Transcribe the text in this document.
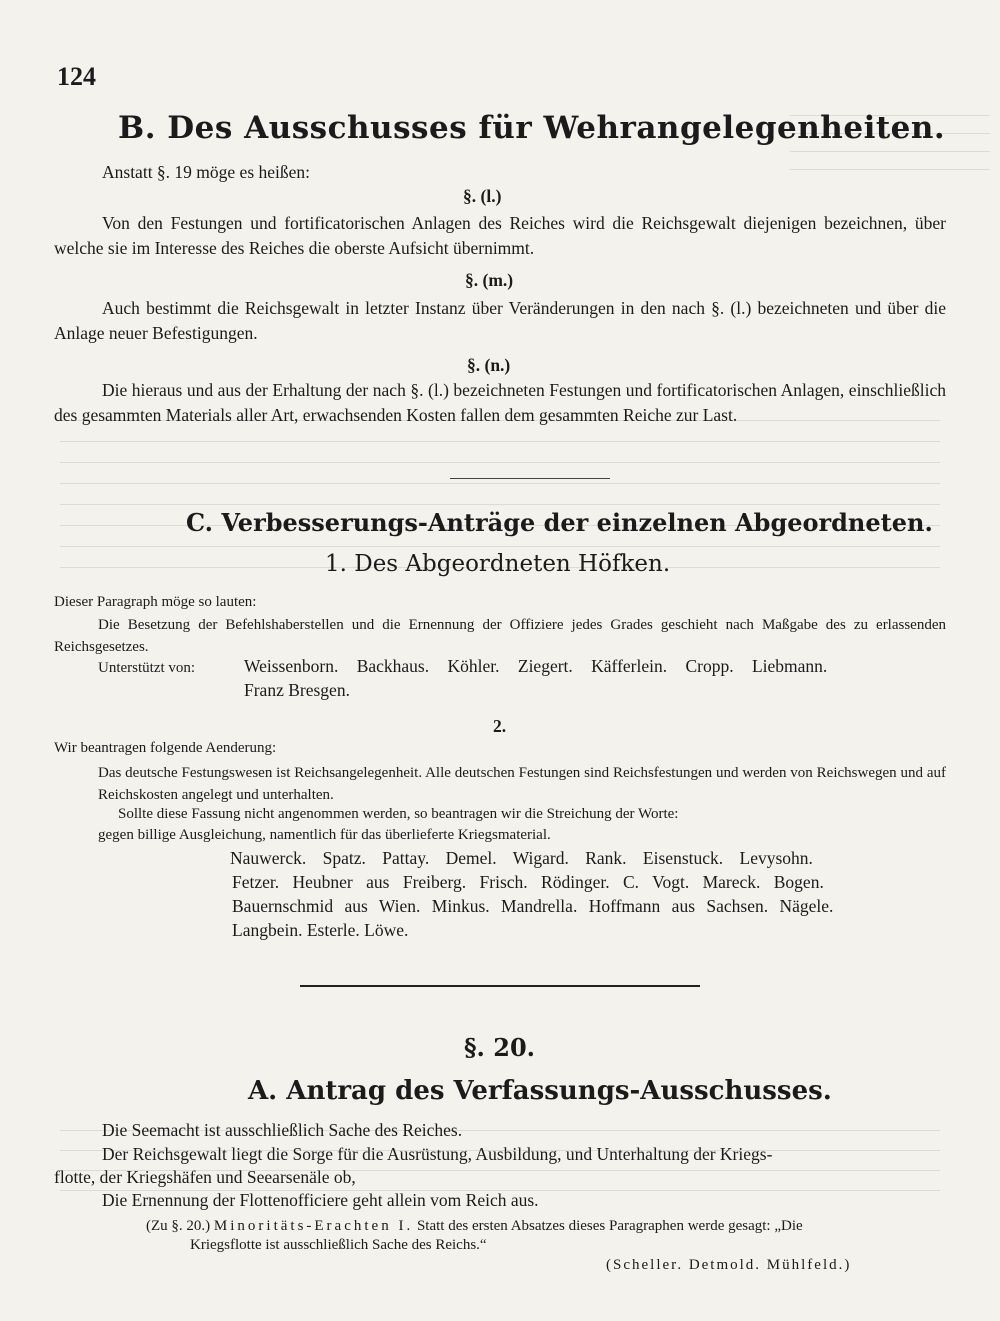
124
B. Des Ausschusses für Wehrangelegenheiten.
Anstatt §. 19 möge es heißen:
§. (l.)
Von den Festungen und fortificatorischen Anlagen des Reiches wird die Reichsgewalt diejenigen bezeichnen, über welche sie im Interesse des Reiches die oberste Aufsicht übernimmt.
§. (m.)
Auch bestimmt die Reichsgewalt in letzter Instanz über Veränderungen in den nach §. (l.) bezeichneten und über die Anlage neuer Befestigungen.
§. (n.)
Die hieraus und aus der Erhaltung der nach §. (l.) bezeichneten Festungen und fortificatorischen Anlagen, einschließlich des gesammten Materials aller Art, erwachsenden Kosten fallen dem gesammten Reiche zur Last.
C. Verbesserungs-Anträge der einzelnen Abgeordneten.
1. Des Abgeordneten Höfken.
Dieser Paragraph möge so lauten:
Die Besetzung der Befehlshaberstellen und die Ernennung der Offiziere jedes Grades geschieht nach Maßgabe des zu erlassenden Reichsgesetzes.
Unterstützt von:	Weissenborn. Backhaus. Köhler. Ziegert. Käfferlein. Cropp. Liebmann.
Franz Bresgen.
2.
Wir beantragen folgende Aenderung:
Das deutsche Festungswesen ist Reichsangelegenheit. Alle deutschen Festungen sind Reichsfestungen und werden von Reichswegen und auf Reichskosten angelegt und unterhalten.
Sollte diese Fassung nicht angenommen werden, so beantragen wir die Streichung der Worte:
gegen billige Ausgleichung, namentlich für das überlieferte Kriegsmaterial.
Nauwerck. Spatz. Pattay. Demel. Wigard. Rank. Eisenstuck. Levysohn.
Fetzer. Heubner aus Freiberg. Frisch. Rödinger. C. Vogt. Mareck. Bogen.
Bauernschmid aus Wien. Minkus. Mandrella. Hoffmann aus Sachsen. Nägele.
Langbein. Esterle. Löwe.
§. 20.
A. Antrag des Verfassungs-Ausschusses.
Die Seemacht ist ausschließlich Sache des Reiches.
Der Reichsgewalt liegt die Sorge für die Ausrüstung, Ausbildung, und Unterhaltung der Kriegs-
flotte, der Kriegshäfen und Seearsenäle ob,
Die Ernennung der Flottenofficiere geht allein vom Reich aus.
(Zu §. 20.) Minoritäts-Erachten I. Statt des ersten Absatzes dieses Paragraphen werde gesagt: „Die
Kriegsflotte ist ausschließlich Sache des Reichs.“
(Scheller. Detmold. Mühlfeld.)
